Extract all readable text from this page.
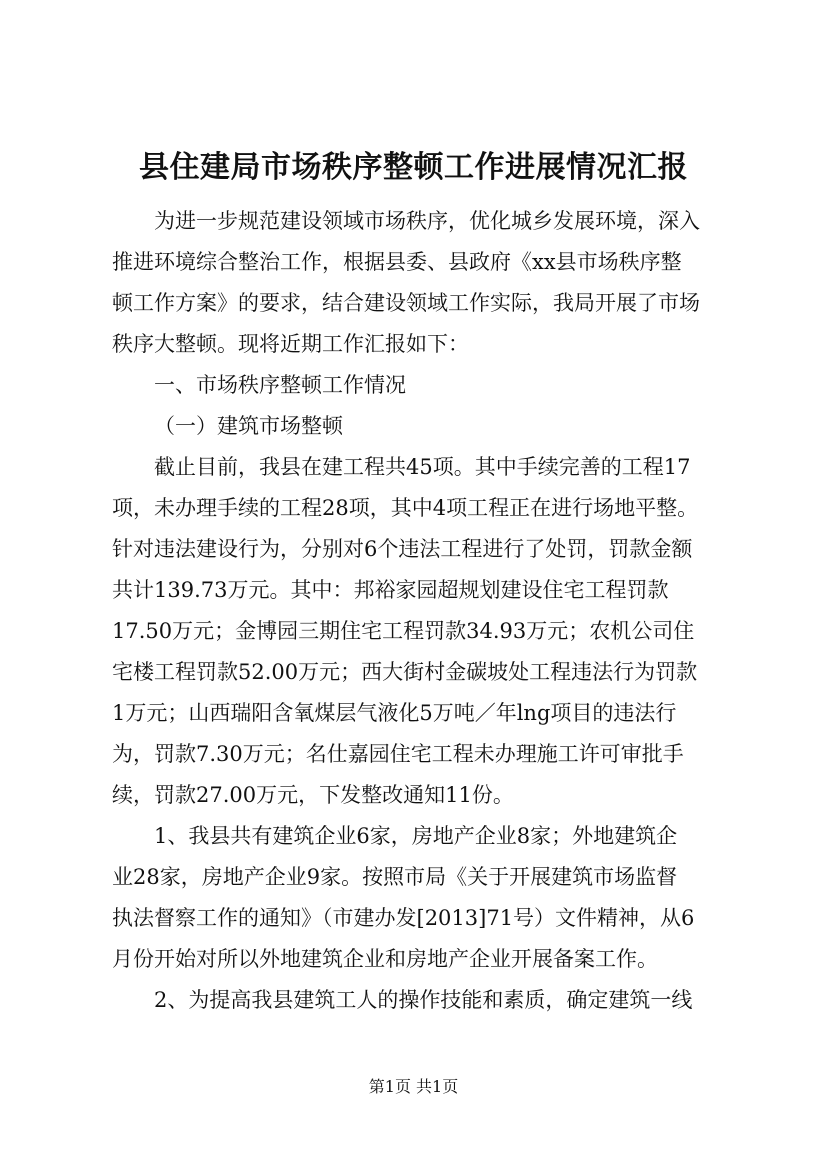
县住建局市场秩序整顿工作进展情况汇报
为进一步规范建设领域市场秩序，优化城乡发展环境，深入
推进环境综合整治工作，根据县委、县政府《xx县市场秩序整
顿工作方案》的要求，结合建设领域工作实际，我局开展了市场
秩序大整顿。现将近期工作汇报如下：
一、市场秩序整顿工作情况
（一）建筑市场整顿
截止目前，我县在建工程共45项。其中手续完善的工程17
项，未办理手续的工程28项，其中4项工程正在进行场地平整。
针对违法建设行为，分别对6个违法工程进行了处罚，罚款金额
共计139.73万元。其中：邦裕家园超规划建设住宅工程罚款
17.50万元；金博园三期住宅工程罚款34.93万元；农机公司住
宅楼工程罚款52.00万元；西大街村金碳坡处工程违法行为罚款
1万元；山西瑞阳含氧煤层气液化5万吨／年lng项目的违法行
为，罚款7.30万元；名仕嘉园住宅工程未办理施工许可审批手
续，罚款27.00万元，下发整改通知11份。
1、我县共有建筑企业6家，房地产企业8家；外地建筑企
业28家，房地产企业9家。按照市局《关于开展建筑市场监督
执法督察工作的通知》（市建办发[2013]71号）文件精神，从6
月份开始对所以外地建筑企业和房地产企业开展备案工作。
2、为提高我县建筑工人的操作技能和素质，确定建筑一线
第1页 共1页
